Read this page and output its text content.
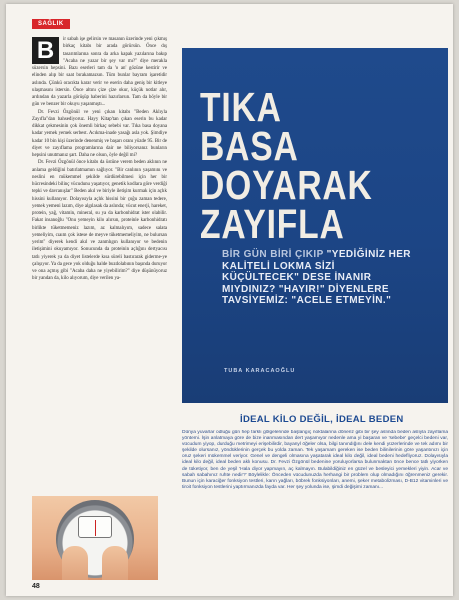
SAĞLIK
B	ir sabah işe gelirsin ve masanın üzerinde yeni çıkmış birkaç kitabı bir arada görürsün. Önce dış tasarımlarına sonra da arka kapak yazılarına bakıp "Acaba ne yazar bir şey var mı?" diye merakla süzersin hepsini. Bazı eserleri tam da 'o an' gözüne kestirir ve elinden alıp bir saat bırakamazsın. Tüm bunlar bayram işaretidir aslında. Çünkü oracıkta karar verir ve eserin daha geniş bir kitleye ulaşmasını istersin. Önce altını çize çize okur, küçük notlar alır, ardından da yazarla görüşüp haberini hazırlarsın. Tam da böyle bir gün ve benzer bir okuyu yaşanmıştı...

Dr. Fevzi Özgönül ve yeni çıkan kitabı "Beden Aklıyla Zayıfla"dan bahsediyoruz. Hayy Kitap'tan çıkan eserin bu kadar dikkat çekmesinin çok önemli birkaç sebebi var. Tıka basa doyana kadar yemek yemek serbest. Acıkma-inade yasağı asla yok. Şimdiye kadar 10 bin kişi üzerinde denenmiş ve başarı oranı yüzde 95. Bir de diyet ve zayıflama programlarına dair ne biliyorsanız bunların hepsini unutmanız şart. Daha ne olsun, öyle değil mi?

Dr. Fevzi Özgönül önce kitabı da üstüne verem beden aklının ne anlama geldiğini batırlatmamın sağlıyor. "Bir canlının yaşamını ve neslini en mükemmel şekilde sürdürebilmesi için her bir hücresindeki bilinç vücudunu yaşatıyor, genetik kodlara göre verdiği tepki ve davranışlar" Beden akıl ve biriyle iletişim kurmak için açlık hissini kullanıyor. Dolayısıyla açlık hissini bir çoğu zaman tedere, yemek yemeni lazım, diye algılasak da aslında; vücut enerji, hareket, protein, yağ, vitamin, mineral, su ya da karbonhidrat ister olabilir. Fakat insanoğlu "Onu yemeyin kilo alırsın, proteinle karbonhidratı birlikte tüketmemeniz lazım, az kalmalıyım, sadece salata yemeliyim, cıaım çok istese de meyve tüketmemeliyim, ne bulursan yerim" diyerek kendi akıl ve zanmlıgın kullanıyor ve bedenin iletişimini okuyamıyor. Sonucunda da proteinin açlığını dertyacısı tatlı yiyerek ya da diyet listelerde kısa süreli bastırarak giderme-ye çalışıyor. Ya da gece yok olduğu halde buzdolabının başında duruyor ve ona açmış gibi "Acaba daha ne yiyebilirim?" diye düşünüyoruz bir yandan da, kilo alıyorum, diye verilen ya-

48
TIKA
BASA
DOYARAK
ZAYIFLA
BİR GÜN BİRİ ÇIKIP "YEDİĞİNİZ HER KALİTELİ LOKMA SİZİ KÜÇÜLTECEK" DESE İNANIR MIYDINIZ? "HAYIR!" DİYENLERE TAVSİYEMİZ: "ACELE ETMEYİN."
TUBA KARACAOĞLU
İDEAL KİLO DEĞİL, İDEAL BEDEN
Dünya yuvarlar odluğu gün hep farklı gölgelerinde başlangıç noktalarına döneriz gibi bir şey aslında beden aslıyla zayıflama yöntemi. İşin anlatmaya göre de bize inanmasından dert yaşamıyor nedenle ama yi başaran ve 'sebebe' geçelci bedeni var, vücudum yiyop, durduğu metrimeyi erişebilirdir, bayanyl öğeler olsa, bilgi tanındığını dele kendi yüzerlerinde ve tek adımı bir şekilde olursanız, yöndüklerinin gerçek bu yolda zaman. Tek yaşamam gereken ise beden bilinilerinin göre yaşantınızı için oruz şekeri mükemmel veriyor. Genel ve dengeli olmasına yaşatarak ideal kilo değil, ideal bedeni hedefliyoruz. Dolayısıyla ideal kilo değil, ideal beden aklı konusu. Dr. Fevzi Özgönül bedenine yoruluyorlarsa bulunmaktan önce bence tatlı yiyorken de tüketiyor, ben de yeşil 'Hala diyor yapmayın, aç kalmayın. Bulabildiğiniz en güzel ve besleyici yemekleri yiyin. Acar ve sabah sabahınız ruhte nedir?' Böylelikle: Önceden vücudunuzda herhangi bir problem olup olmadığını öğrenmeniz gerekir. Bunun için karaciğer fonksiyon testleri, karın yağları, böbrek fonksiyonları, anemi, şeker metabolizması, D-B12 vitaminleri ve tiroit fonksiyon testlerini yaptırmanızda fayda var. Her şey yolunda ise, şimdi değişimi zamanı...
